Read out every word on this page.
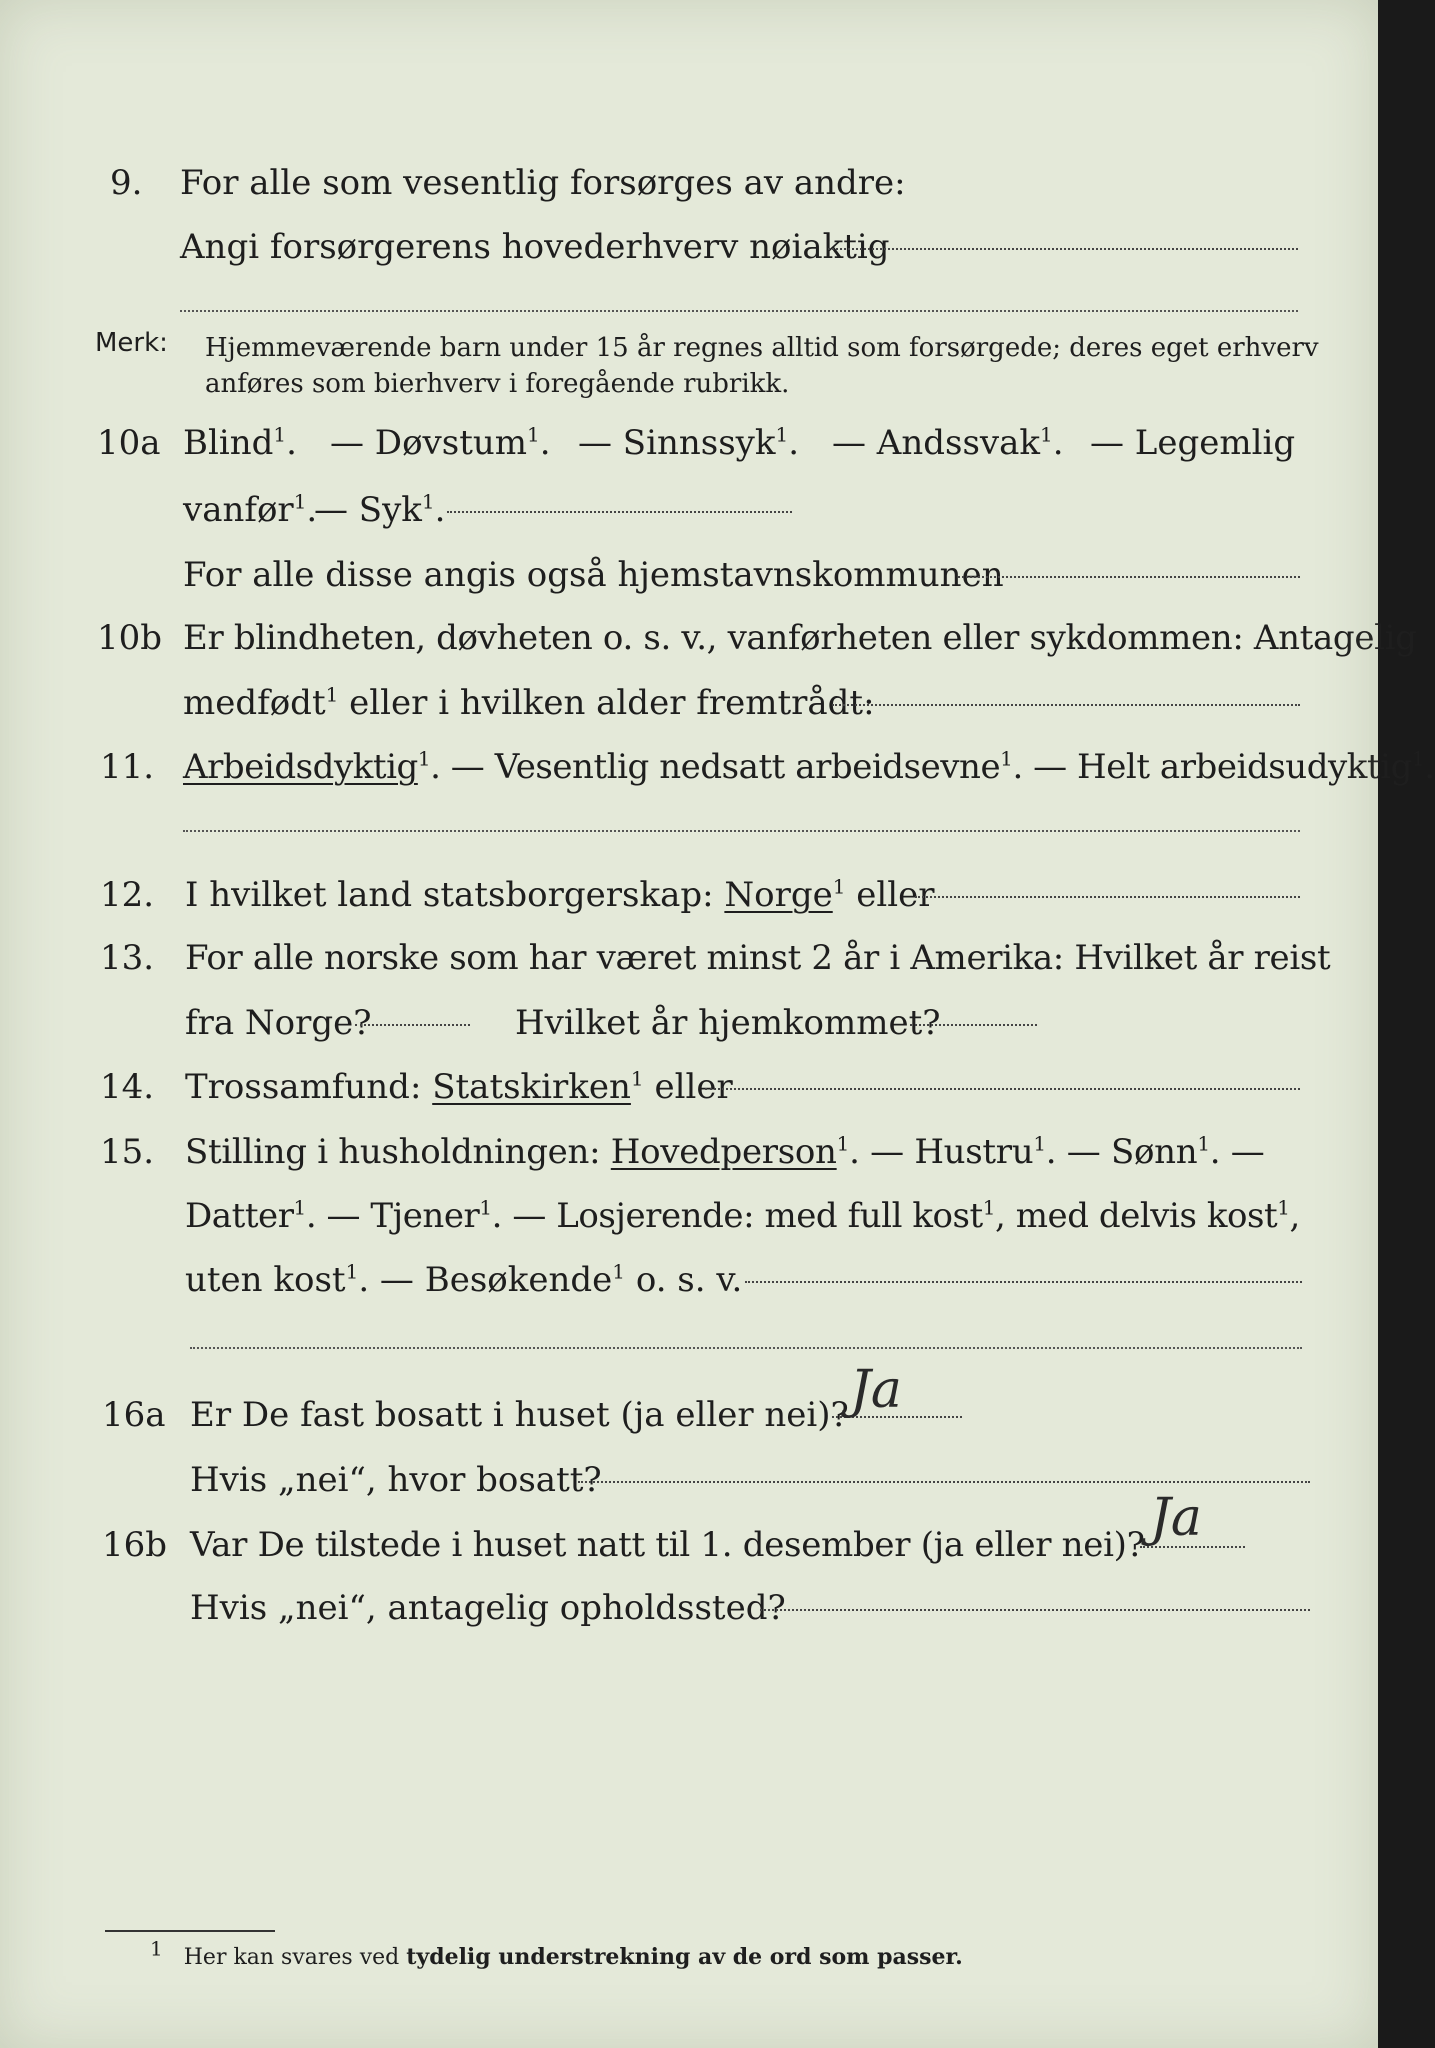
9. For alle som vesentlig forsørges av andre:
Angi forsørgerens hovederhverv nøiaktig
Merk: Hjemmeværende barn under 15 år regnes alltid som forsørgede; deres eget erhverv
anføres som bierhverv i foregående rubrikk.
10a Blind$^1$. — Døvstum$^1$. — Sinnssyk$^1$. — Andssvak$^1$. — Legemlig
vanfør$^1$.
— Syk$^1$.
For alle disse angis også hjemstavnskommunen
10b Er blindheten, døvheten o. s. v., vanførheten eller sykdommen: Antagelig
medfødt$^1$ eller i hvilken alder fremtrådt:
11. Arbeidsdyktig$^1$. — Vesentlig nedsatt arbeidsevne$^1$. — Helt arbeidsudyktig$^1$.
12. I hvilket land statsborgerskap: Norge$^1$ eller
13. For alle norske som har været minst 2 år i Amerika: Hvilket år reist
fra Norge?	Hvilket år hjemkommet?
14. Trossamfund: Statskirken$^1$ eller
15. Stilling i husholdningen: Hovedperson$^1$. — Hustru$^1$. — Sønn$^1$. —
Datter$^1$. — Tjener$^1$. — Losjerende: med full kost$^1$, med delvis kost$^1$,
uten kost$^1$. — Besøkende$^1$ o. s. v.
16a Er De fast bosatt i huset (ja eller nei)? Ja
Hvis „nei“, hvor bosatt?
16b Var De tilstede i huset natt til 1. desember (ja eller nei)? Ja
Hvis „nei“, antagelig opholdssted?
1 Her kan svares ved tydelig understrekning av de ord som passer.
